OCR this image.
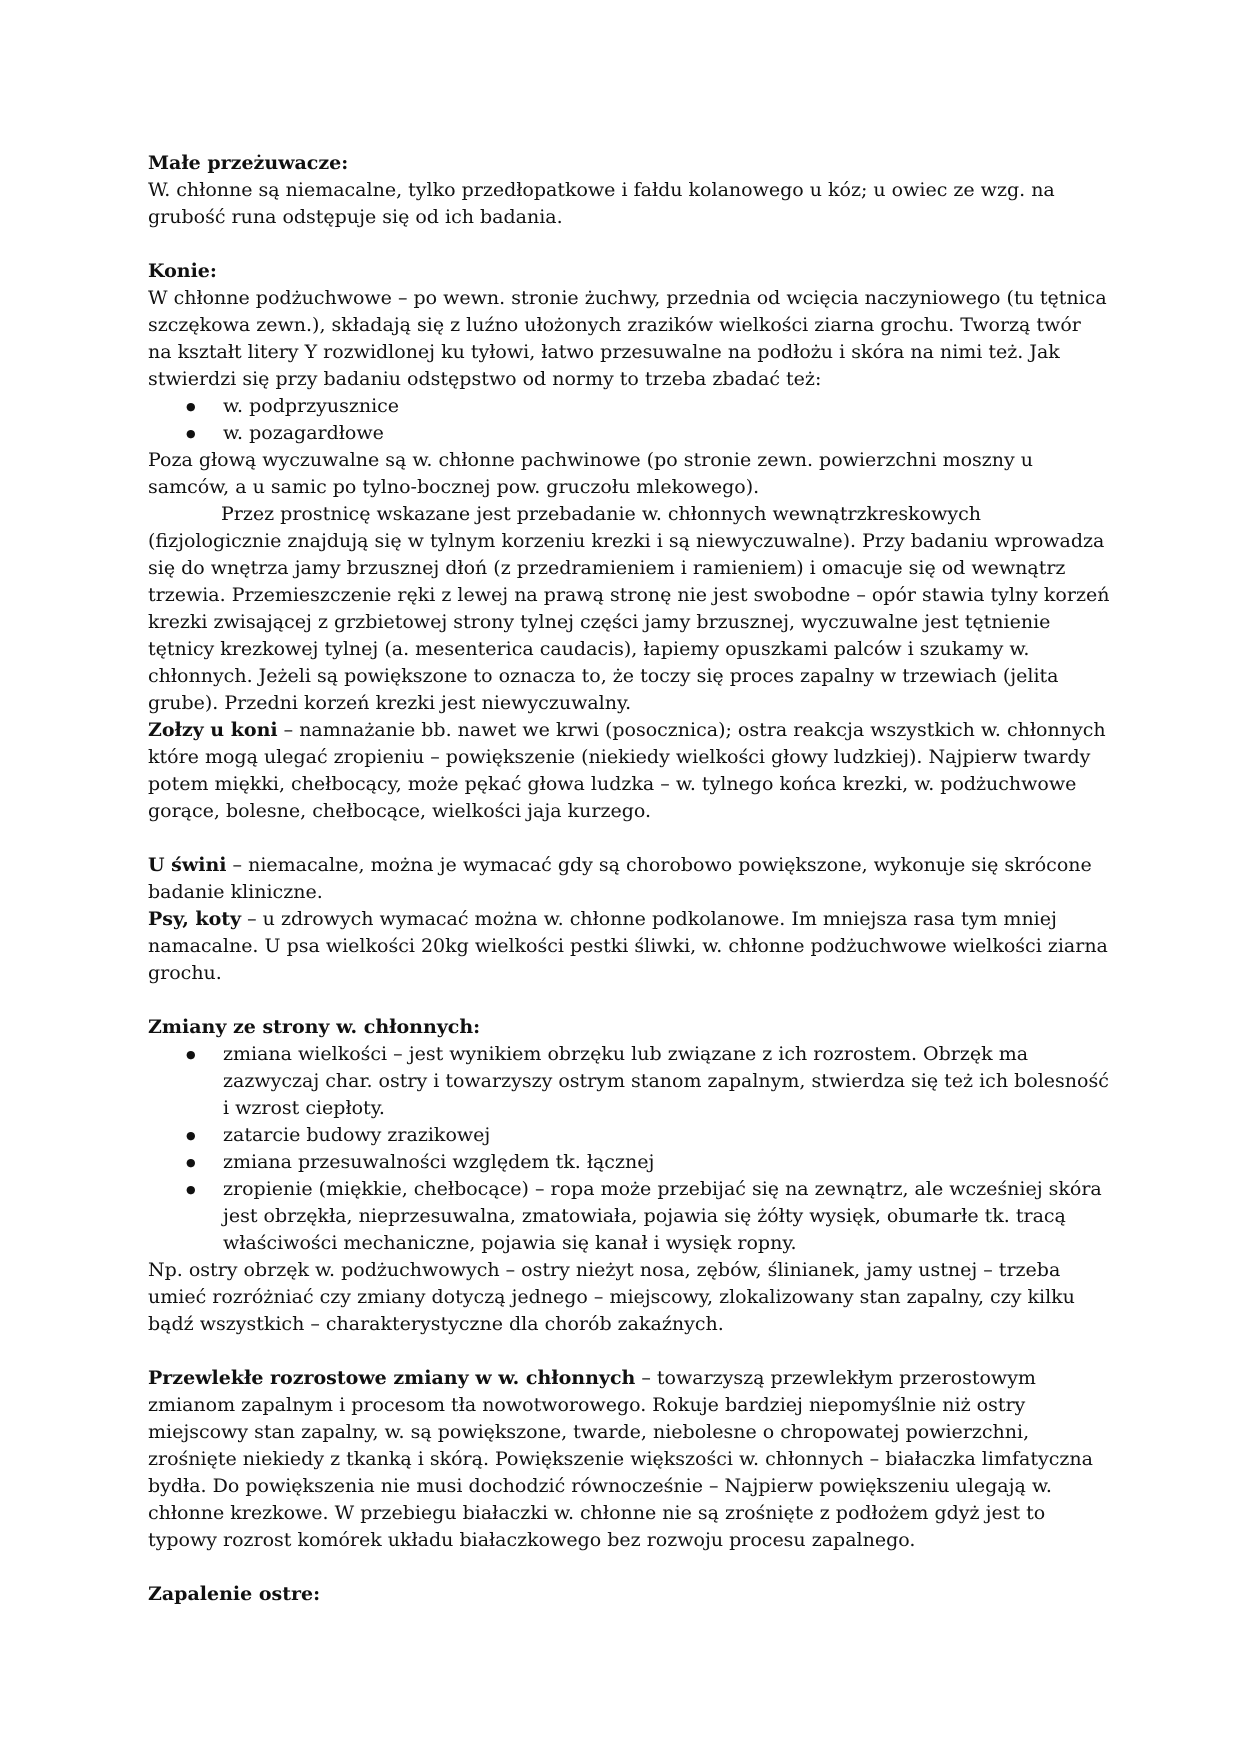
Małe przeżuwacze:

W. chłonne są niemacalne, tylko przedłopatkowe i fałdu kolanowego u kóz; u owiec ze wzg. na grubość runa odstępuje się od ich badania.

Konie:

W chłonne podżuchwowe – po wewn. stronie żuchwy, przednia od wcięcia naczyniowego (tu tętnica szczękowa zewn.), składają się z luźno ułożonych zrazików wielkości ziarna grochu. Tworzą twór na kształt litery Y rozwidlonej ku tyłowi, łatwo przesuwalne na podłożu i skóra na nimi też. Jak stwierdzi się przy badaniu odstępstwo od normy to trzeba zbadać też:

● w. podprzyusznice
● w. pozagardłowe

Poza głową wyczuwalne są w. chłonne pachwinowe (po stronie zewn. powierzchni moszny u samców, a u samic po tylno-bocznej pow. gruczołu mlekowego).

Przez prostnicę wskazane jest przebadanie w. chłonnych wewnątrzkreskowych (fizjologicznie znajdują się w tylnym korzeniu krezki i są niewyczuwalne). Przy badaniu wprowadza się do wnętrza jamy brzusznej dłoń (z przedramieniem i ramieniem) i omacuje się od wewnątrz trzewia. Przemieszczenie ręki z lewej na prawą stronę nie jest swobodne – opór stawia tylny korzeń krezki zwisającej z grzbietowej strony tylnej części jamy brzusznej, wyczuwalne jest tętnienie tętnicy krezkowej tylnej (a. mesenterica caudacis), łapiemy opuszkami palców i szukamy w. chłonnych. Jeżeli są powiększone to oznacza to, że toczy się proces zapalny w trzewiach (jelita grube). Przedni korzeń krezki jest niewyczuwalny.

Zołzy u koni – namnażanie bb. nawet we krwi (posocznica); ostra reakcja wszystkich w. chłonnych które mogą ulegać zropieniu – powiększenie (niekiedy wielkości głowy ludzkiej). Najpierw twardy potem miękki, chełbocący, może pękać głowa ludzka – w. tylnego końca krezki, w. podżuchwowe gorące, bolesne, chełbocące, wielkości jaja kurzego.

U świni – niemacalne, można je wymacać gdy są chorobowo powiększone, wykonuje się skrócone badanie kliniczne.

Psy, koty – u zdrowych wymacać można w. chłonne podkolanowe. Im mniejsza rasa tym mniej namacalne. U psa wielkości 20kg wielkości pestki śliwki, w. chłonne podżuchwowe wielkości ziarna grochu.

Zmiany ze strony w. chłonnych:

● zmiana wielkości – jest wynikiem obrzęku lub związane z ich rozrostem. Obrzęk ma zazwyczaj char. ostry i towarzyszy ostrym stanom zapalnym, stwierdza się też ich bolesność i wzrost ciepłoty.
● zatarcie budowy zrazikowej
● zmiana przesuwalności względem tk. łącznej
● zropienie (miękkie, chełbocące) – ropa może przebijać się na zewnątrz, ale wcześniej skóra jest obrzękła, nieprzesuwalna, zmatowiała, pojawia się żółty wysięk, obumarłe tk. tracą właściwości mechaniczne, pojawia się kanał i wysięk ropny.

Np. ostry obrzęk w. podżuchwowych – ostry nieżyt nosa, zębów, ślinianek, jamy ustnej – trzeba umieć rozróżniać czy zmiany dotyczą jednego – miejscowy, zlokalizowany stan zapalny, czy kilku bądź wszystkich – charakterystyczne dla chorób zakaźnych.

Przewlekłe rozrostowe zmiany w w. chłonnych – towarzyszą przewlekłym przerostowym zmianom zapalnym i procesom tła nowotworowego. Rokuje bardziej niepomyślnie niż ostry miejscowy stan zapalny, w. są powiększone, twarde, niebolesne o chropowatej powierzchni, zrośnięte niekiedy z tkanką i skórą. Powiększenie większości w. chłonnych – białaczka limfatyczna bydła. Do powiększenia nie musi dochodzić równocześnie – Najpierw powiększeniu ulegają w. chłonne krezkowe. W przebiegu białaczki w. chłonne nie są zrośnięte z podłożem gdyż jest to typowy rozrost komórek układu białaczkowego bez rozwoju procesu zapalnego.

Zapalenie ostre:
